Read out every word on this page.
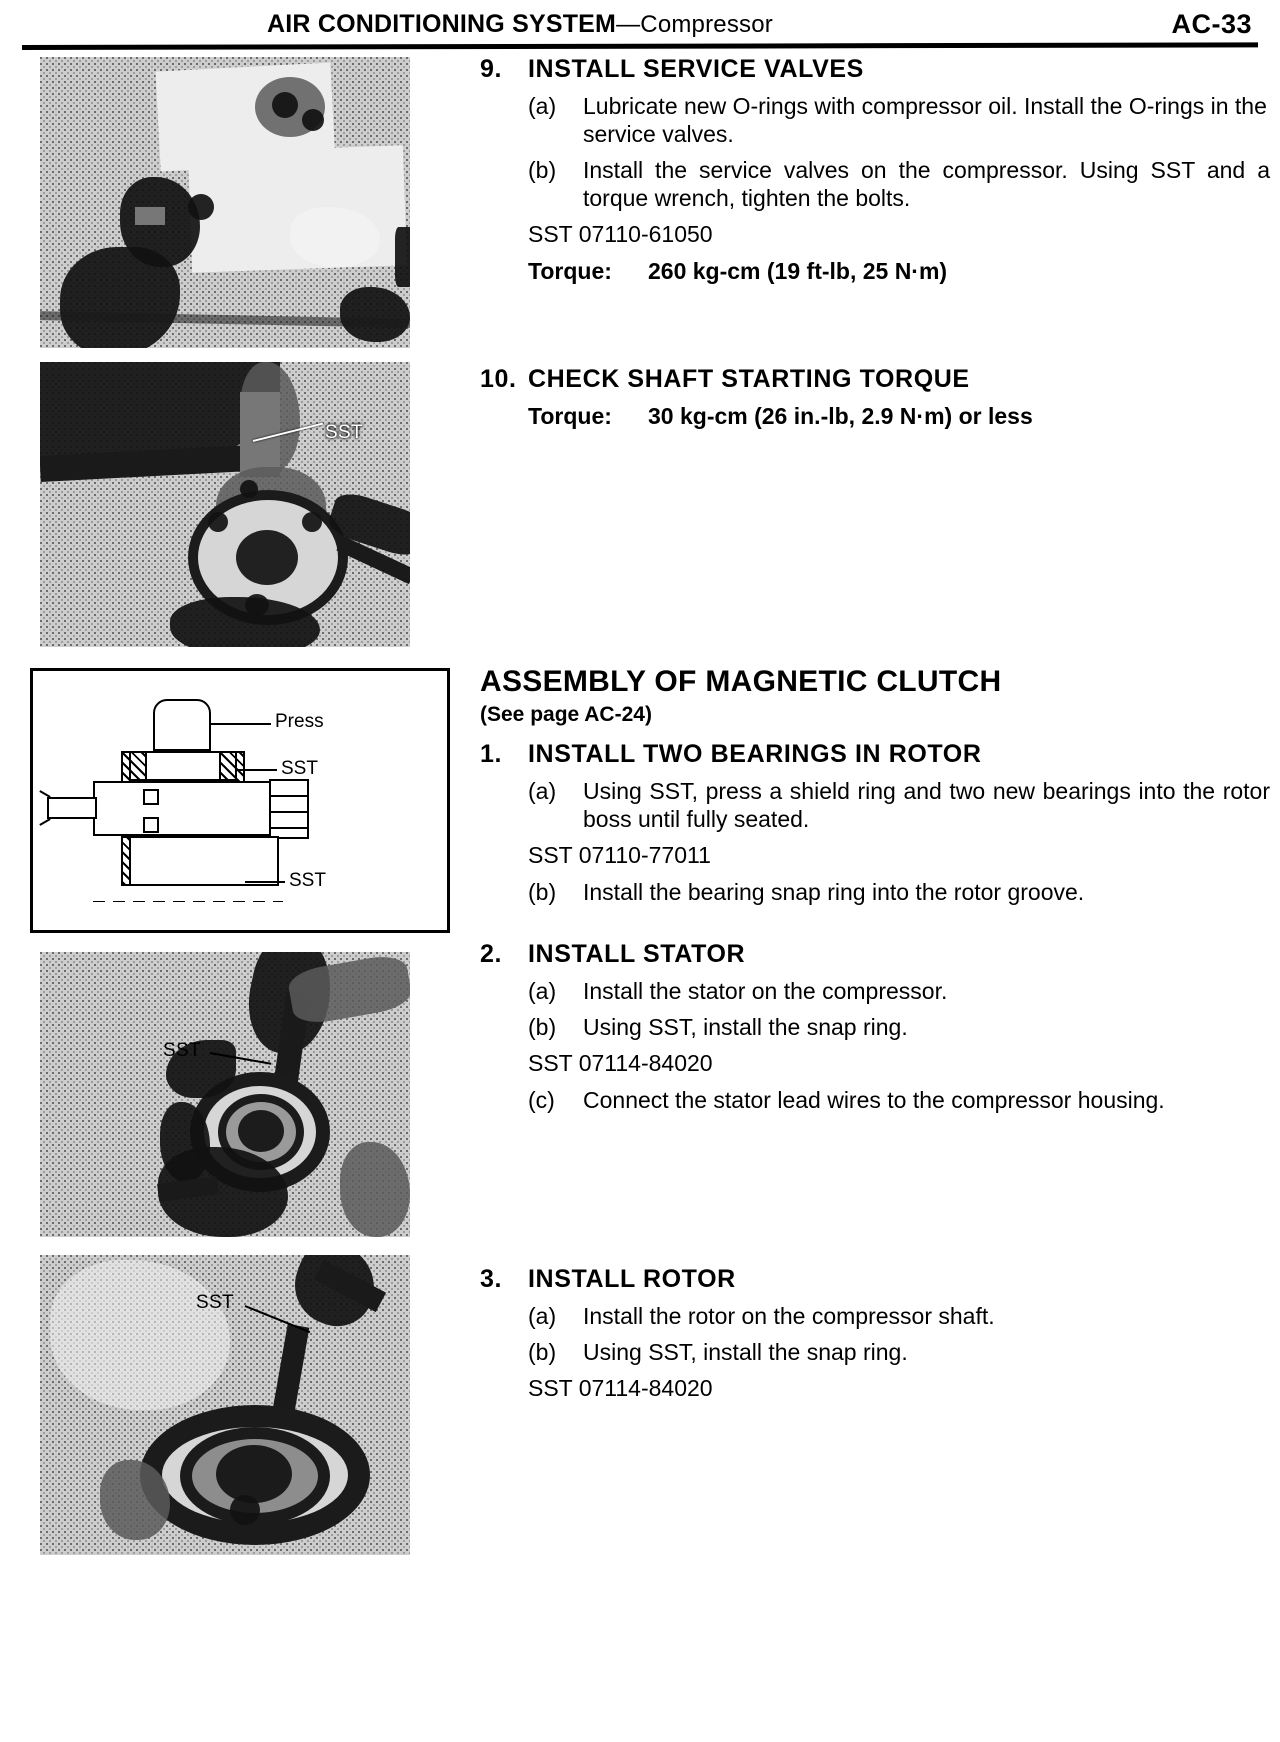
AIR CONDITIONING SYSTEM—Compressor	AC-33
SST
Press
SST
SST
SST
SST
9.	INSTALL SERVICE VALVES
(a)	Lubricate new O-rings with compressor oil. Install the O-rings in the service valves.
(b)	Install the service valves on the compressor. Using SST and a torque wrench, tighten the bolts.
SST 07110-61050
Torque: 260 kg-cm (19 ft-lb, 25 N·m)
10. CHECK SHAFT STARTING TORQUE
Torque: 30 kg-cm (26 in.-lb, 2.9 N·m) or less
ASSEMBLY OF MAGNETIC CLUTCH
(See page AC-24)
1.	INSTALL TWO BEARINGS IN ROTOR
(a)	Using SST, press a shield ring and two new bearings into the rotor boss until fully seated.
SST 07110-77011
(b)	Install the bearing snap ring into the rotor groove.
2.	INSTALL STATOR
(a)	Install the stator on the compressor.
(b)	Using SST, install the snap ring.
SST 07114-84020
(c)	Connect the stator lead wires to the compressor housing.
3.	INSTALL ROTOR
(a)	Install the rotor on the compressor shaft.
(b)	Using SST, install the snap ring.
SST 07114-84020
